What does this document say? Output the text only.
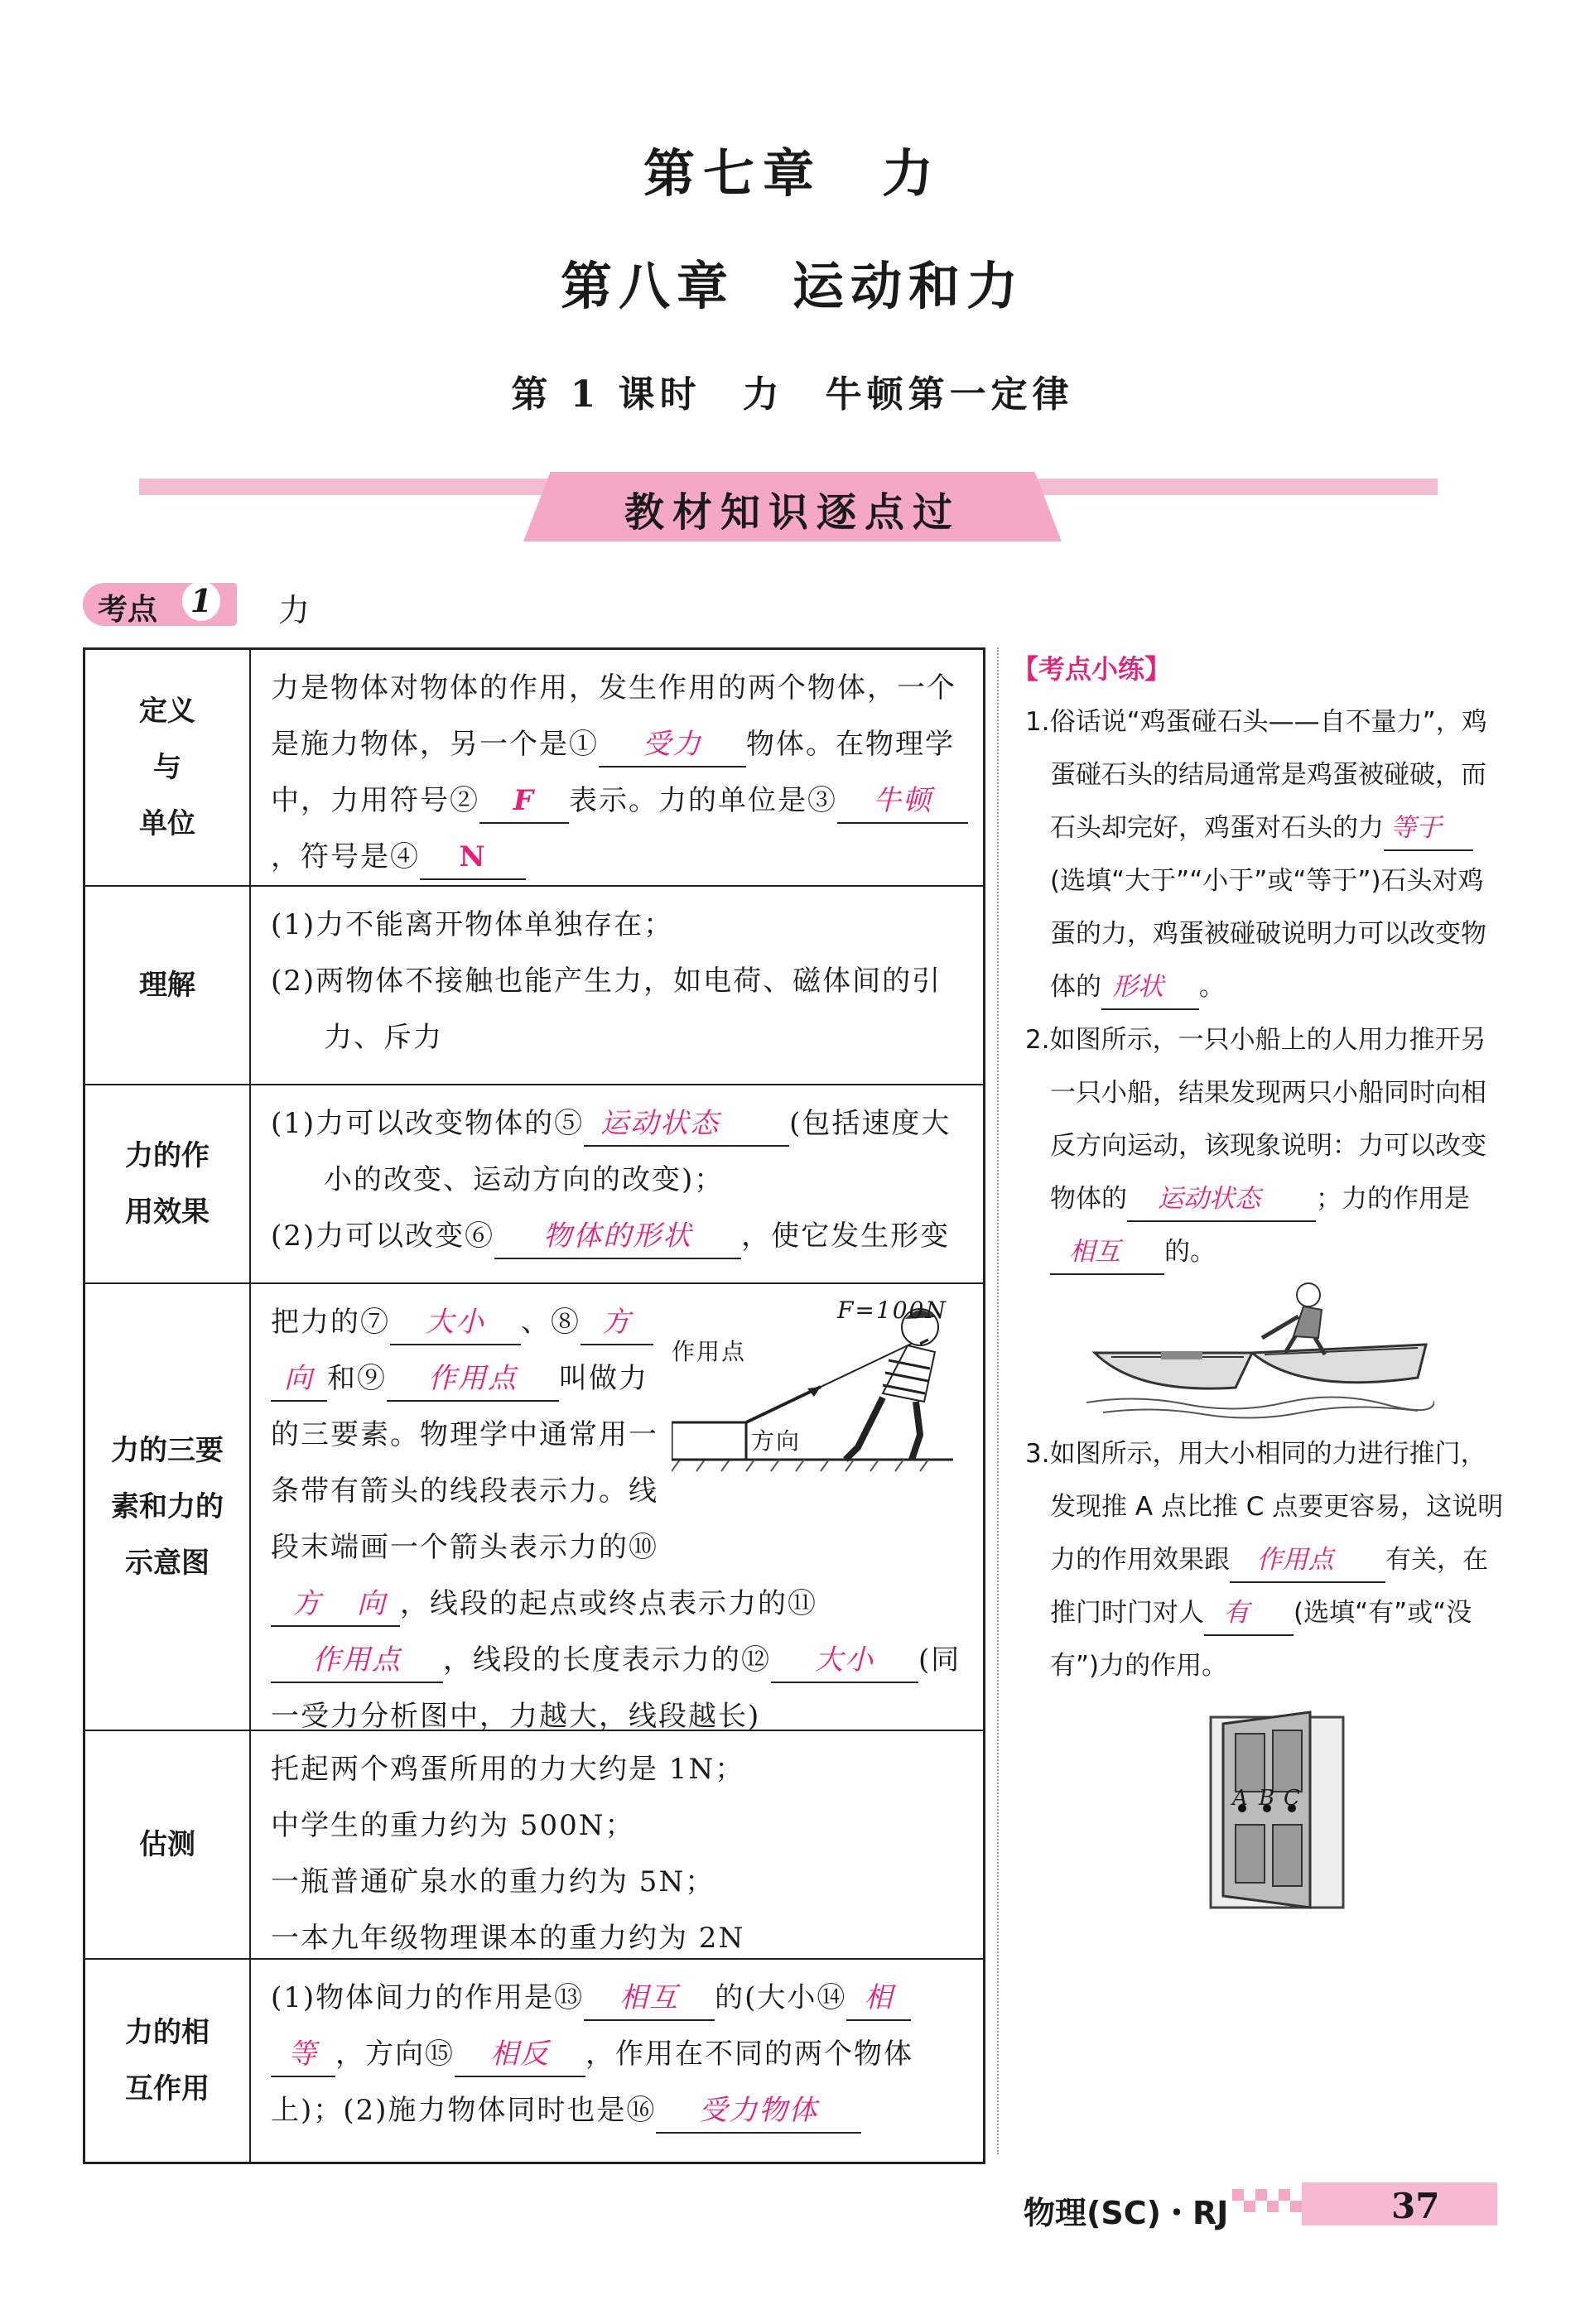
第七章　力
第八章　运动和力
第 1 课时　力　牛顿第一定律
教材知识逐点过
考点 1 力
定义
与
单位
力是物体对物体的作用，发生作用的两个物体，一个是施力物体，另一个是① 受力 物体。在物理学中，力用符号② F 表示。力的单位是③ 牛顿，符号是④ N
理解
(1)力不能离开物体单独存在；
(2)两物体不接触也能产生力，如电荷、磁体间的引力、斥力
力的作
用效果
(1)力可以改变物体的⑤ 运动状态 (包括速度大小的改变、运动方向的改变)；
(2)力可以改变⑥ 物体的形状 ，使它发生形变
力的三要
素和力的
示意图
F=100N
作用点
方向
把力的⑦ 大小 、⑧ 方向 和⑨ 作用点 叫做力的三要素。物理学中通常用一条带有箭头的线段表示力。线段末端画一个箭头表示力的⑩方 向 ，线段的起点或终点表示力的⑪作用点 ，线段的长度表示力的⑫ 大小 (同一受力分析图中，力越大，线段越长)
估测
托起两个鸡蛋所用的力大约是 1N；
中学生的重力约为 500N；
一瓶普通矿泉水的重力约为 5N；
一本九年级物理课本的重力约为 2N
力的相
互作用
(1)物体间力的作用是⑬ 相互 的(大小⑭ 相等 ，方向⑮ 相反 ，作用在不同的两个物体上)；(2)施力物体同时也是⑯ 受力物体
【考点小练】
1.俗话说“鸡蛋碰石头——自不量力”，鸡蛋碰石头的结局通常是鸡蛋被碰破，而石头却完好，鸡蛋对石头的力 等于(选填“大于”“小于”或“等于”)石头对鸡蛋的力，鸡蛋被碰破说明力可以改变物体的 形状 。
2.如图所示，一只小船上的人用力推开另一只小船，结果发现两只小船同时向相反方向运动，该现象说明：力可以改变物体的 运动状态 ；力的作用是相互 的。
3.如图所示，用大小相同的力进行推门，发现推 A 点比推 C 点要更容易，这说明力的作用效果跟 作用点 有关，在推门时门对人 有 (选填“有”或“没有”)力的作用。
A B C
物理(SC)・RJ	37
